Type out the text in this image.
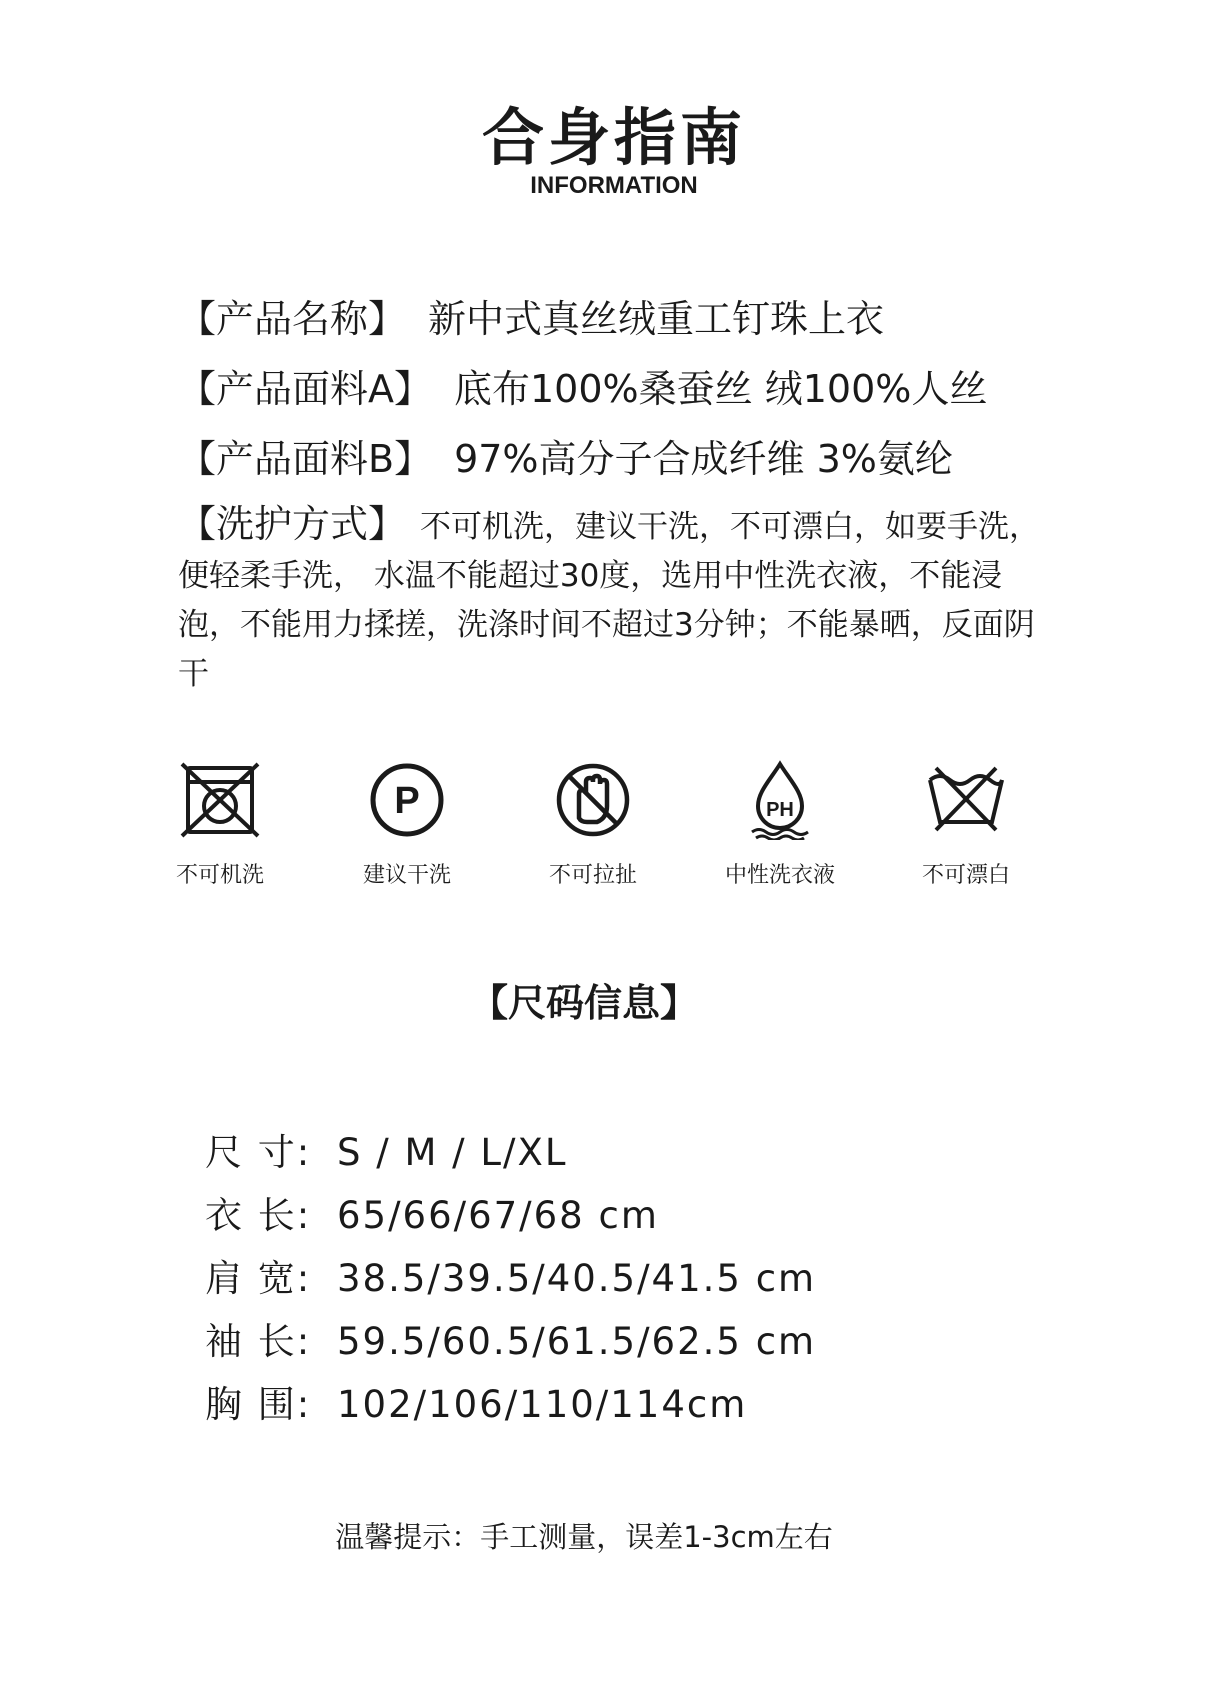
合身指南
INFORMATION
【产品名称】 新中式真丝绒重工钉珠上衣
【产品面料A】 底布100%桑蚕丝 绒100%人丝
【产品面料B】 97%高分子合成纤维 3%氨纶
【洗护方式】 不可机洗，建议干洗，不可漂白，如要手洗，便轻柔手洗， 水温不能超过30度，选用中性洗衣液，不能浸泡，不能用力揉搓，洗涤时间不超过3分钟；不能暴晒，反面阴干
P	PH
不可机洗	建议干洗	不可拉扯	中性洗衣液	不可漂白
【尺码信息】
尺 寸: S / M / L/XL
衣 长: 65/66/67/68 cm
肩 宽: 38.5/39.5/40.5/41.5 cm
袖 长: 59.5/60.5/61.5/62.5 cm
胸 围: 102/106/110/114cm
温馨提示：手工测量，误差1-3cm左右
